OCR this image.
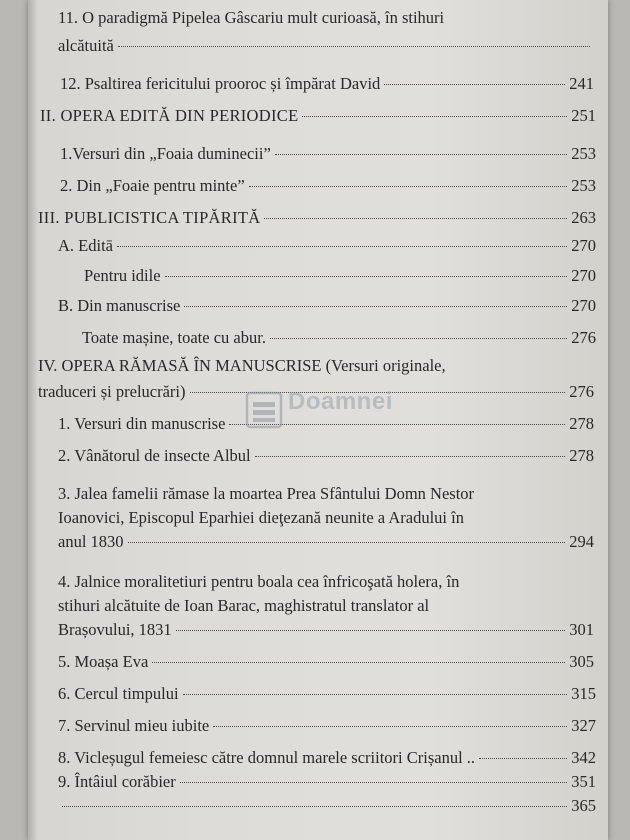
11. O paradigmă Pipelea Gâscariu mult curioasă, în stihuri
alcătuită
12. Psaltirea fericitului prooroc și împărat David	241
II. OPERA EDITĂ DIN PERIODICE	251
1.Versuri din „Foaia duminecii”	253
2. Din „Foaie pentru minte”	253
III. PUBLICISTICA TIPĂRITĂ	263
A. Editā	270
Pentru idile	270
B. Din manuscrise	270
Toate mașine, toate cu abur.	276
IV. OPERA RĂMASĂ ÎN MANUSCRISE (Versuri originale,
traduceri și prelucrări)	276
1. Versuri din manuscrise	278
2. Vânătorul de insecte Albul	278
3. Jalea famelii rămase la moartea Prea Sfântului Domn Nestor
Ioanovici, Episcopul Eparhiei dieţezană neunite a Aradului în
anul 1830	294
4. Jalnice moralitetiuri pentru boala cea înfricoşată holera, în
stihuri alcătuite de Ioan Barac, maghistratul translator al
Brașovului, 1831	301
5. Moașa Eva	305
6. Cercul timpului	315
7. Servinul mieu iubite	327
8. Vicleșugul femeiesc către domnul marele scriitori Crișanul ..	342
9. Întâiul corăbier	351
365
Doamnei
